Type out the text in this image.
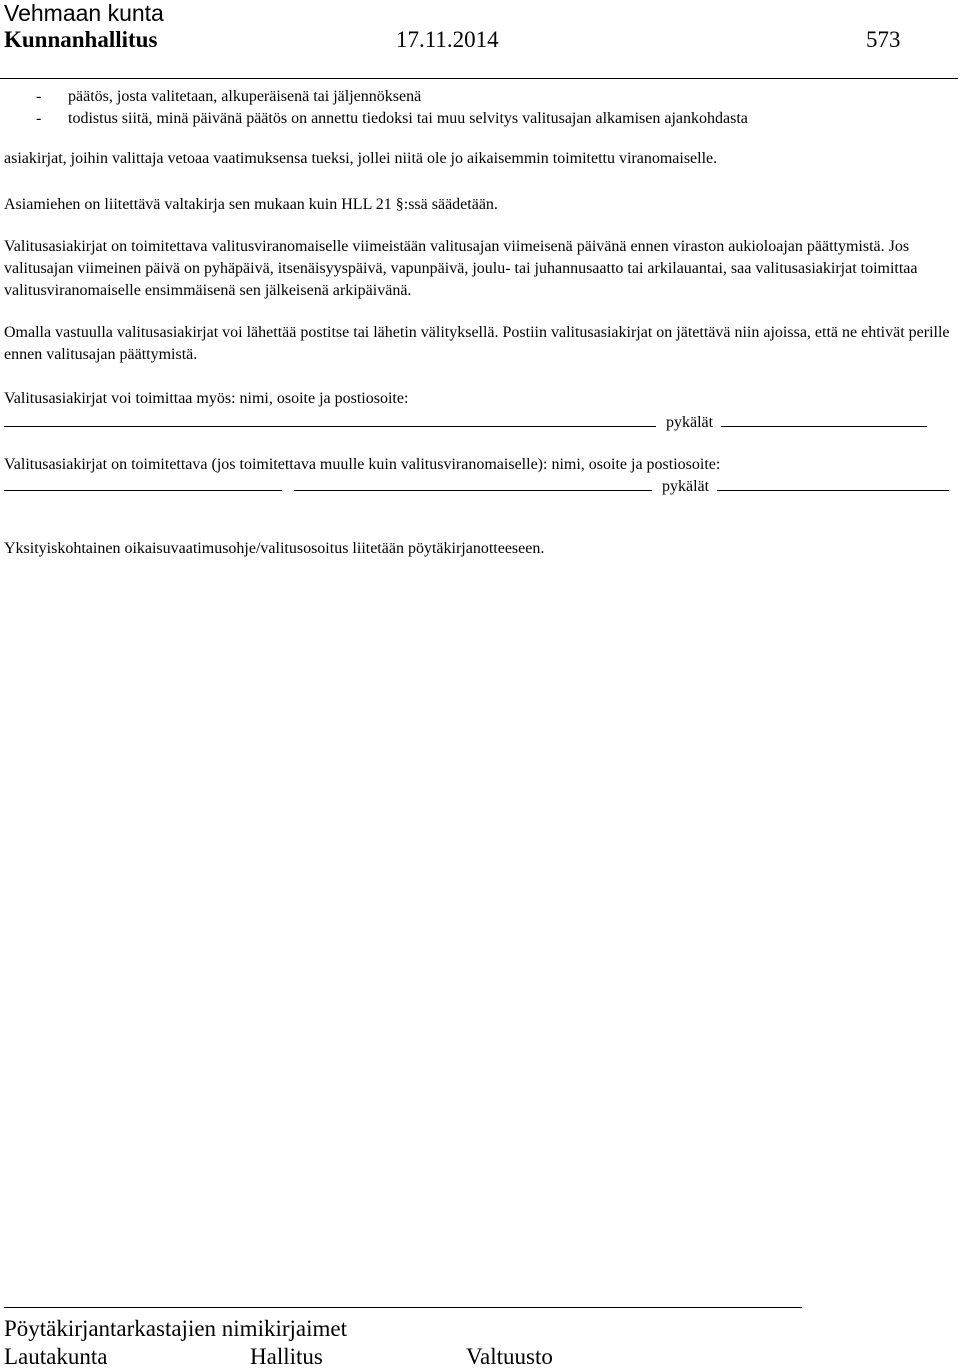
Vehmaan kunta
Kunnanhallitus	17.11.2014	573
- päätös, josta valitetaan, alkuperäisenä tai jäljennöksenä
- todistus siitä, minä päivänä päätös on annettu tiedoksi tai muu selvitys valitusajan alkamisen ajankohdasta
asiakirjat, joihin valittaja vetoaa vaatimuksensa tueksi, jollei niitä ole jo aikaisemmin toimitettu viranomaiselle.
Asiamiehen on liitettävä valtakirja sen mukaan kuin HLL 21 §:ssä säädetään.
Valitusasiakirjat on toimitettava valitusviranomaiselle viimeistään valitusajan viimeisenä päivänä ennen viraston aukioloajan päättymistä. Jos valitusajan viimeinen päivä on pyhäpäivä, itsenäisyyspäivä, vapunpäivä, joulu- tai juhannusaatto tai arkilauantai, saa valitusasiakirjat toimittaa valitusviranomaiselle ensimmäisenä sen jälkeisenä arkipäivänä.
Omalla vastuulla valitusasiakirjat voi lähettää postitse tai lähetin välityksellä. Postiin valitusasiakirjat on jätettävä niin ajoissa, että ne ehtivät perille ennen valitusajan päättymistä.
Valitusasiakirjat voi toimittaa myös: nimi, osoite ja postiosoite:
pykälät
Valitusasiakirjat on toimitettava (jos toimitettava muulle kuin valitusviranomaiselle): nimi, osoite ja postiosoite:
pykälät
Yksityiskohtainen oikaisuvaatimusohje/valitusosoitus liitetään pöytäkirjanotteeseen.
Pöytäkirjantarkastajien nimikirjaimet
Lautakunta	Hallitus	Valtuusto
